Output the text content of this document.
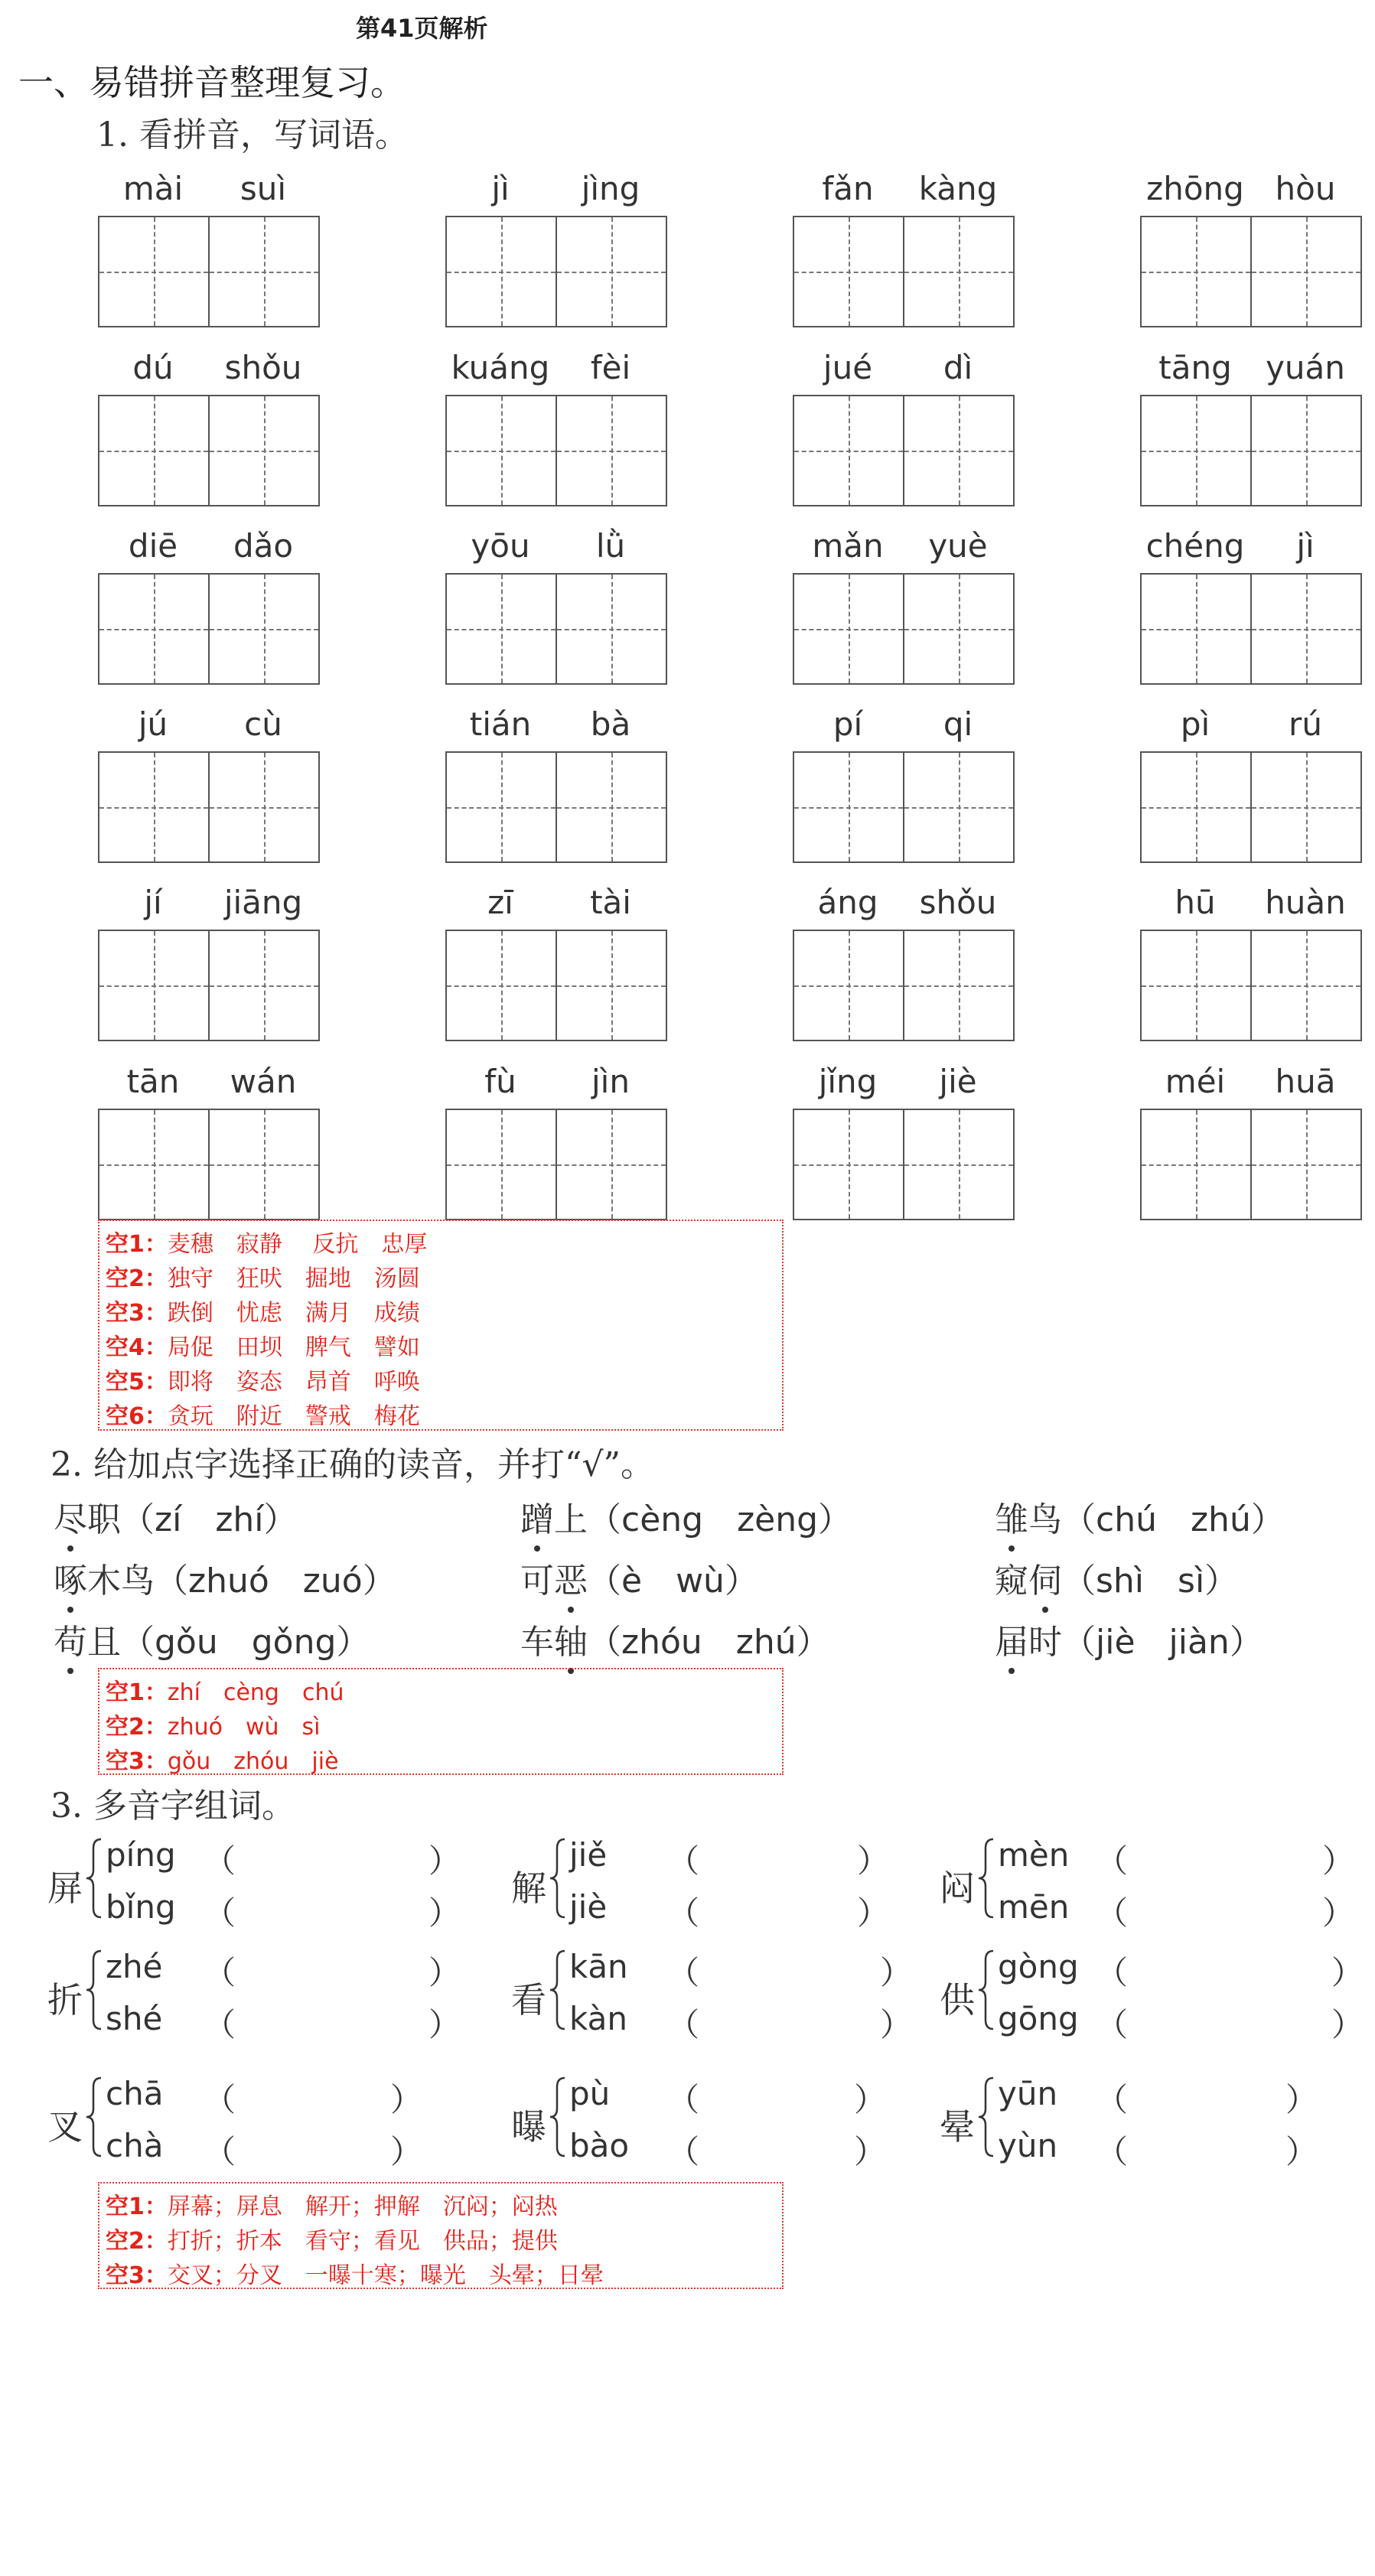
第41页解析
一、易错拼音整理复习。
1. 看拼音，写词语。
mài	suì	jì	jìng	fǎn	kàng	zhōng hòu
dú	shǒu	kuáng	fèi	jué	dì	tāng	yuán
diē	dǎo	yōu	lǜ	mǎn	yuè	chéng	jì
jú	cù	tián	bà	pí	qi	pì	rú
jí	jiāng	zī	tài	áng	shǒu	hū	huàn
tān	wán	fù	jìn	jǐng	jiè	méi	huā
空1：麦穗　寂静　 反抗　忠厚
空2：独守　狂吠　掘地　汤圆
空3：跌倒　忧虑　满月　成绩
空4：局促　田坝　脾气　譬如
空5：即将　姿态　昂首　呼唤
空6：贪玩　附近　警戒　梅花
2. 给加点字选择正确的读音，并打“√”。
尽职（zí　zhí）	蹭上（cèng　zèng）	雏鸟（chú　zhú）
啄木鸟（zhuó　zuó）	可恶（è　wù）	窥伺（shì　sì）
苟且（gǒu　gǒng）	车轴（zhóu　zhú）	届时（jiè　jiàn）
空1：zhí　cèng　chú
空2：zhuó　wù　sì
空3：gǒu　zhóu　jiè
3. 多音字组词。
屏
píng （	）
bǐng （	）
解
jiě （	）
jiè （	）
闷
mèn （	）
mēn （	）
折
zhé （	）
shé （	）
看
kān （	）
kàn （	）
供
gòng （	）
gōng （	）
叉
chā （	）
chà （	）
曝
pù （	）
bào （	）
晕
yūn （	）
yùn （	）
空1：屏幕；屏息　解开；押解　沉闷；闷热
空2：打折；折本　看守；看见　供品；提供
空3：交叉；分叉　一曝十寒；曝光　头晕；日晕
